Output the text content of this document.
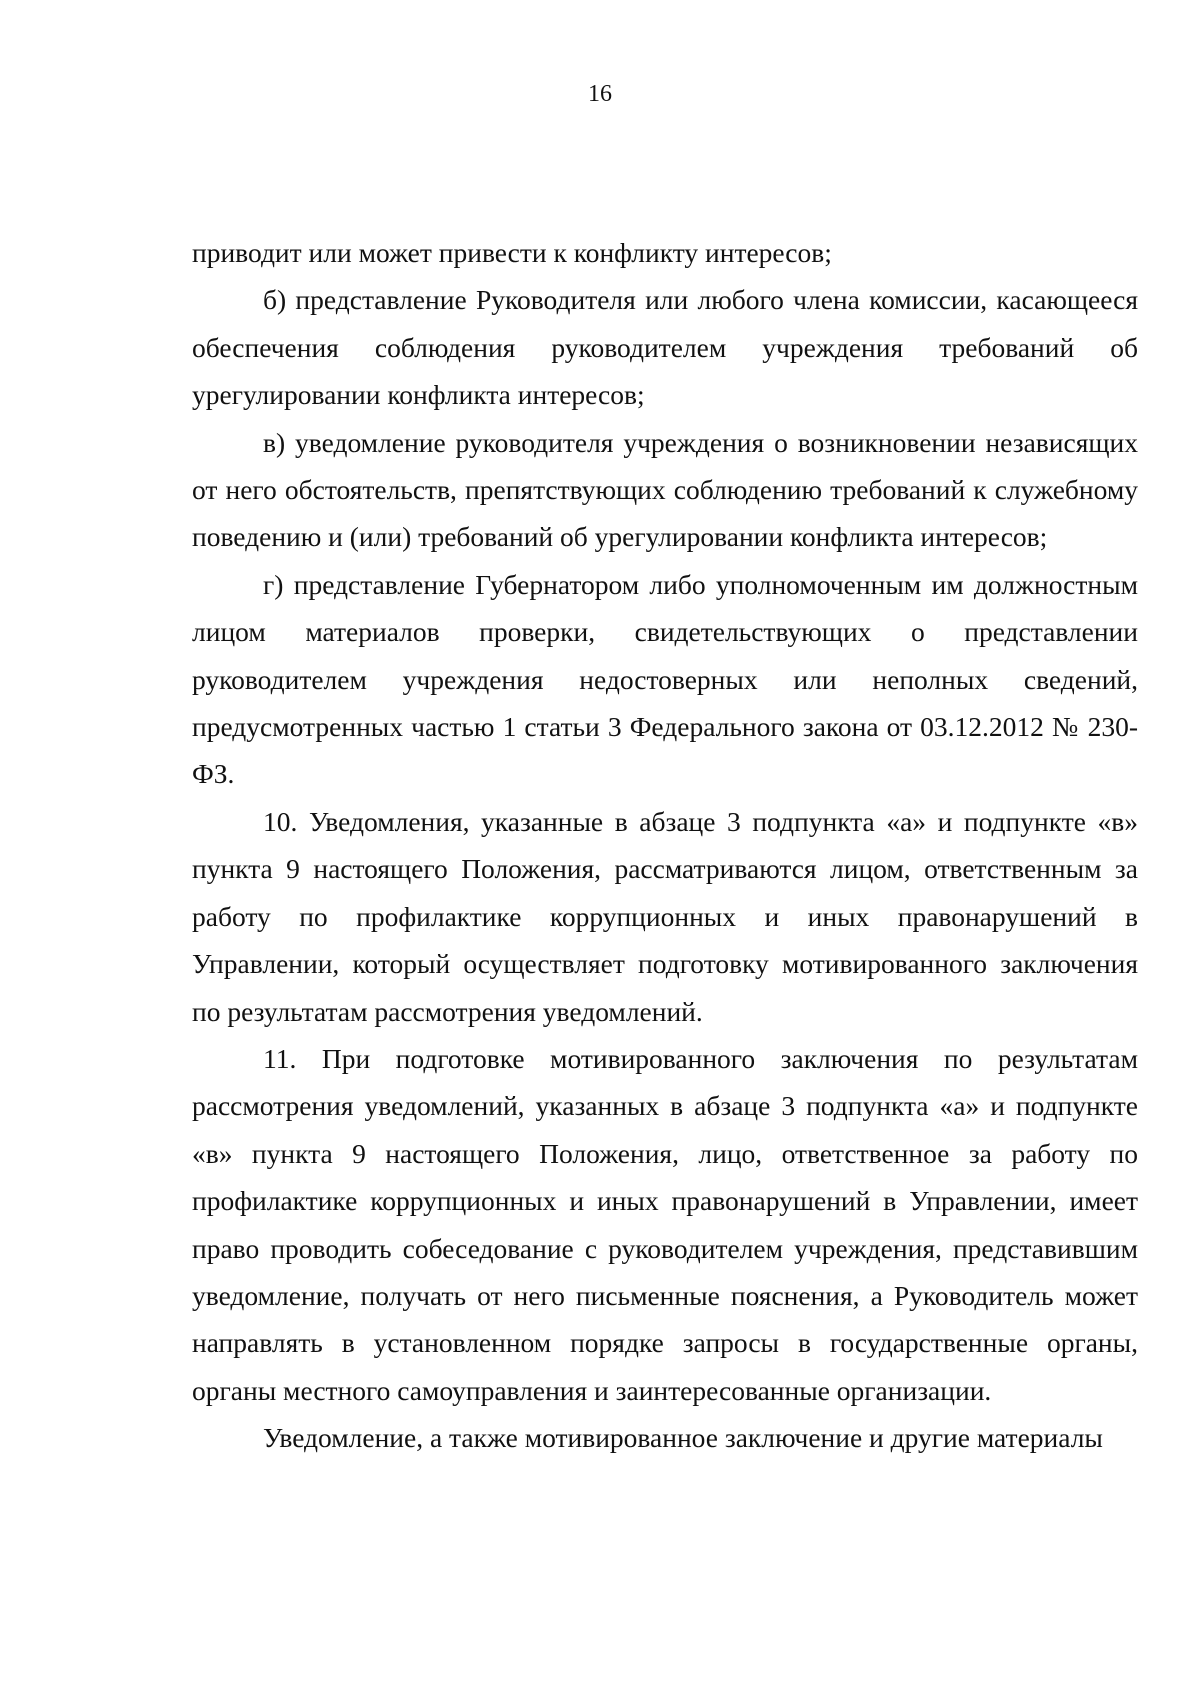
16

приводит или может привести к конфликту интересов;

б) представление Руководителя или любого члена комиссии, касающееся обеспечения соблюдения руководителем учреждения требований об урегулировании конфликта интересов;

в) уведомление руководителя учреждения о возникновении независящих от него обстоятельств, препятствующих соблюдению требований к служебному поведению и (или) требований об урегулировании конфликта интересов;

г) представление Губернатором либо уполномоченным им должностным лицом материалов проверки, свидетельствующих о представлении руководителем учреждения недостоверных или неполных сведений, предусмотренных частью 1 статьи 3 Федерального закона от 03.12.2012 № 230-ФЗ.

10. Уведомления, указанные в абзаце 3 подпункта «а» и подпункте «в» пункта 9 настоящего Положения, рассматриваются лицом, ответственным за работу по профилактике коррупционных и иных правонарушений в Управлении, который осуществляет подготовку мотивированного заключения по результатам рассмотрения уведомлений.

11. При подготовке мотивированного заключения по результатам рассмотрения уведомлений, указанных в абзаце 3 подпункта «а» и подпункте «в» пункта 9 настоящего Положения, лицо, ответственное за работу по профилактике коррупционных и иных правонарушений в Управлении, имеет право проводить собеседование с руководителем учреждения, представившим уведомление, получать от него письменные пояснения, а Руководитель может направлять в установленном порядке запросы в государственные органы, органы местного самоуправления и заинтересованные организации.

Уведомление, а также мотивированное заключение и другие материалы
